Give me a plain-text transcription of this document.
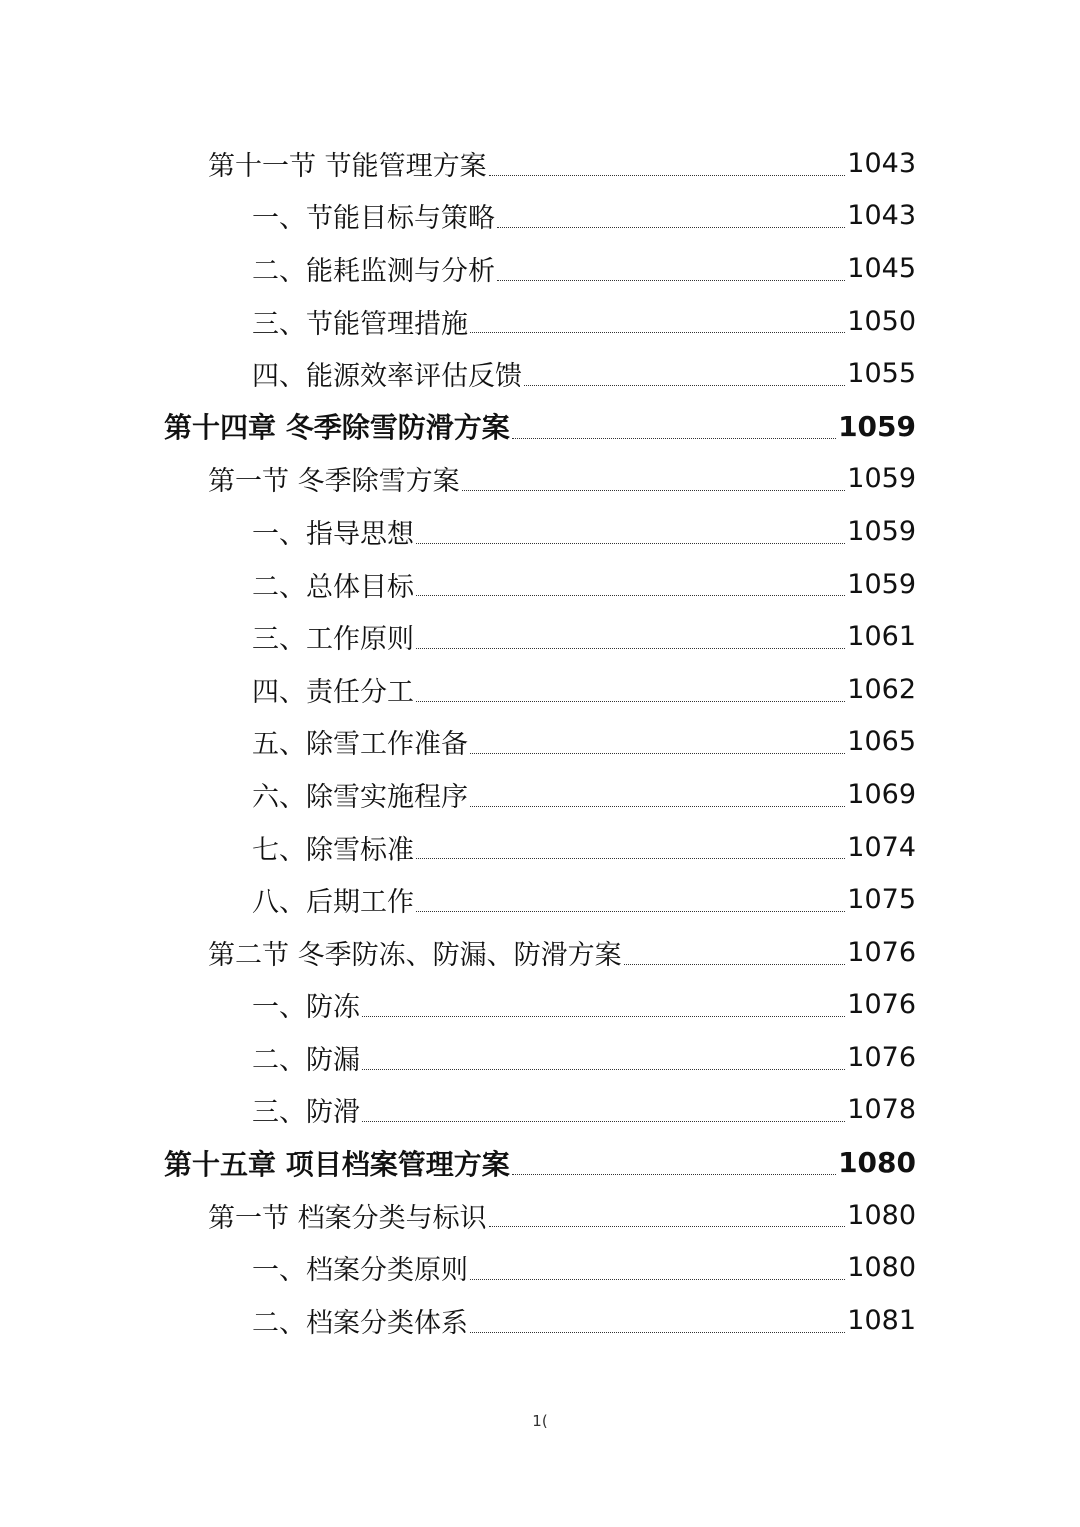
第十一节 节能管理方案	1043
一、节能目标与策略	1043
二、能耗监测与分析	1045
三、节能管理措施	1050
四、能源效率评估反馈	1055
第十四章 冬季除雪防滑方案	1059
第一节 冬季除雪方案	1059
一、指导思想	1059
二、总体目标	1059
三、工作原则	1061
四、责任分工	1062
五、除雪工作准备	1065
六、除雪实施程序	1069
七、除雪标准	1074
八、后期工作	1075
第二节 冬季防冻、防漏、防滑方案	1076
一、防冻	1076
二、防漏	1076
三、防滑	1078
第十五章 项目档案管理方案	1080
第一节 档案分类与标识	1080
一、档案分类原则	1080
二、档案分类体系	1081
1(
